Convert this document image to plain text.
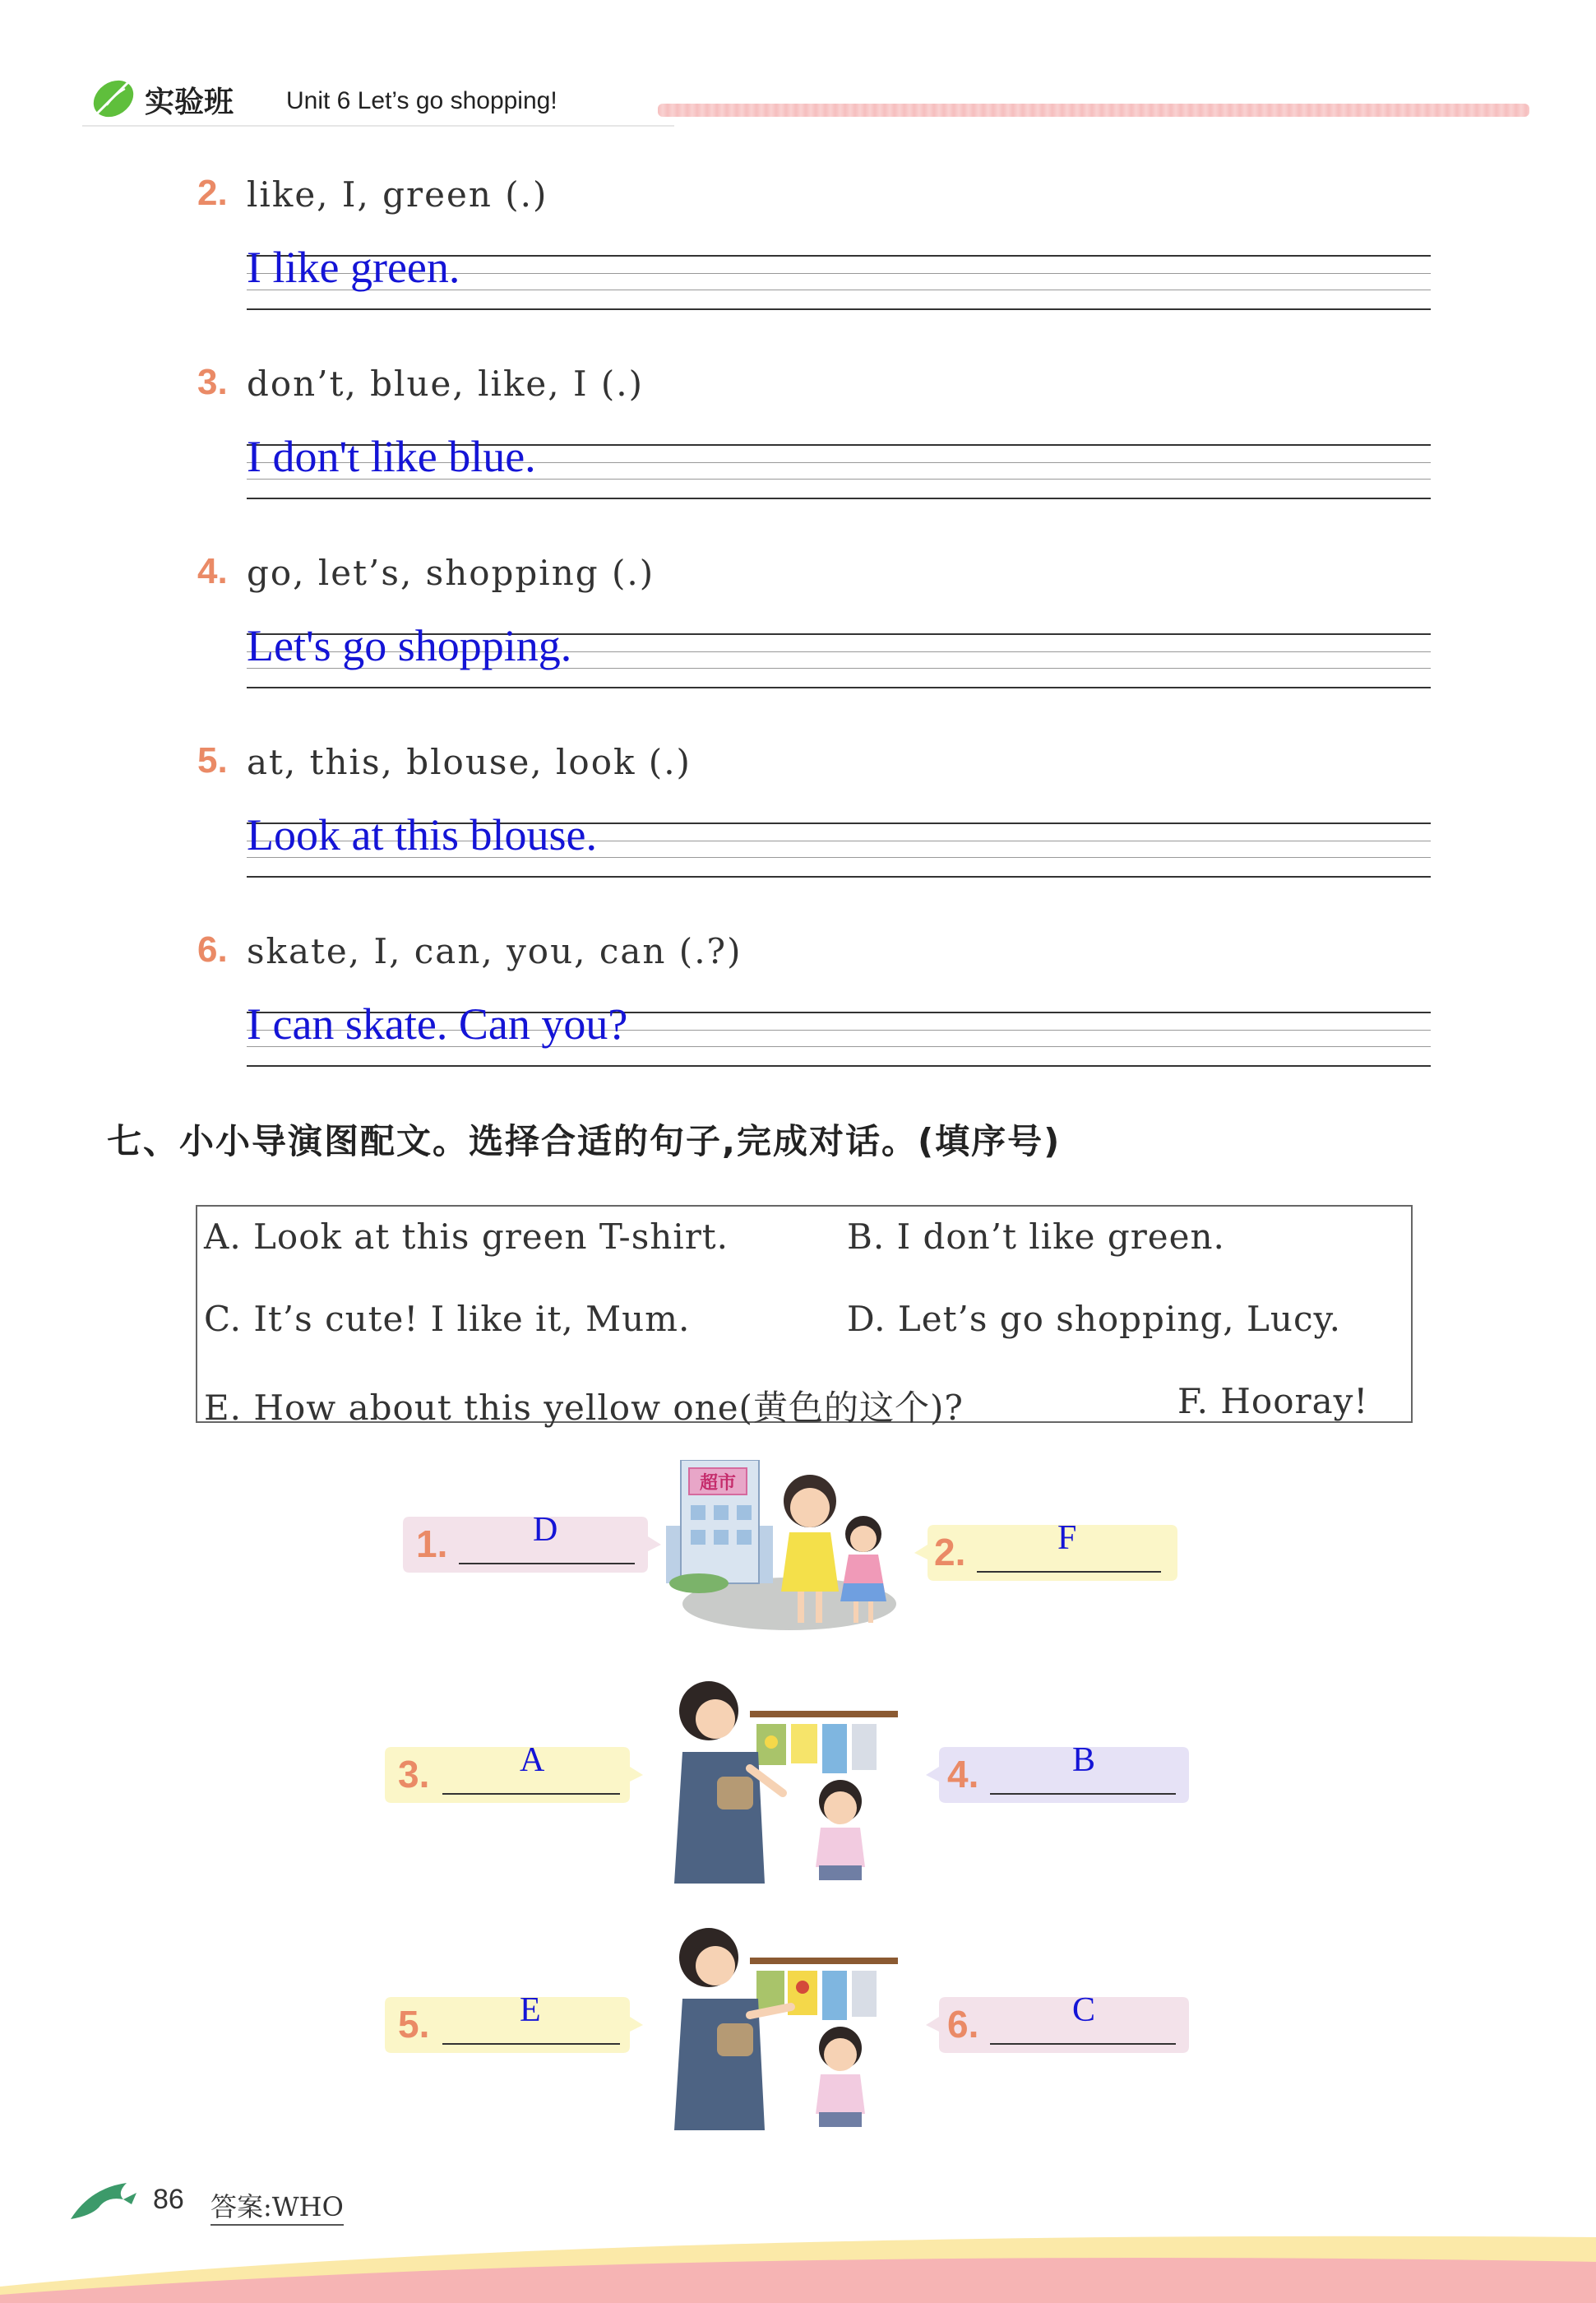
实验班 Unit 6 Let’s go shopping!
2. like, I, green (.)
I like green.
3. don’t, blue, like, I (.)
I don't like blue.
4. go, let’s, shopping (.)
Let's go shopping.
5. at, this, blouse, look (.)
Look at this blouse.
6. skate, I, can, you, can (.?)
I can skate. Can you?
七、小小导演图配文。选择合适的句子,完成对话。(填序号)
A. Look at this green T-shirt.	B. I don’t like green.
C. It’s cute! I like it, Mum.	D. Let’s go shopping, Lucy.
E. How about this yellow one(黄色的这个)?	F. Hooray!
1. D
超市
2.	F
3.	A	4.	B
5.	E	6.	C
86 答案:WHO
